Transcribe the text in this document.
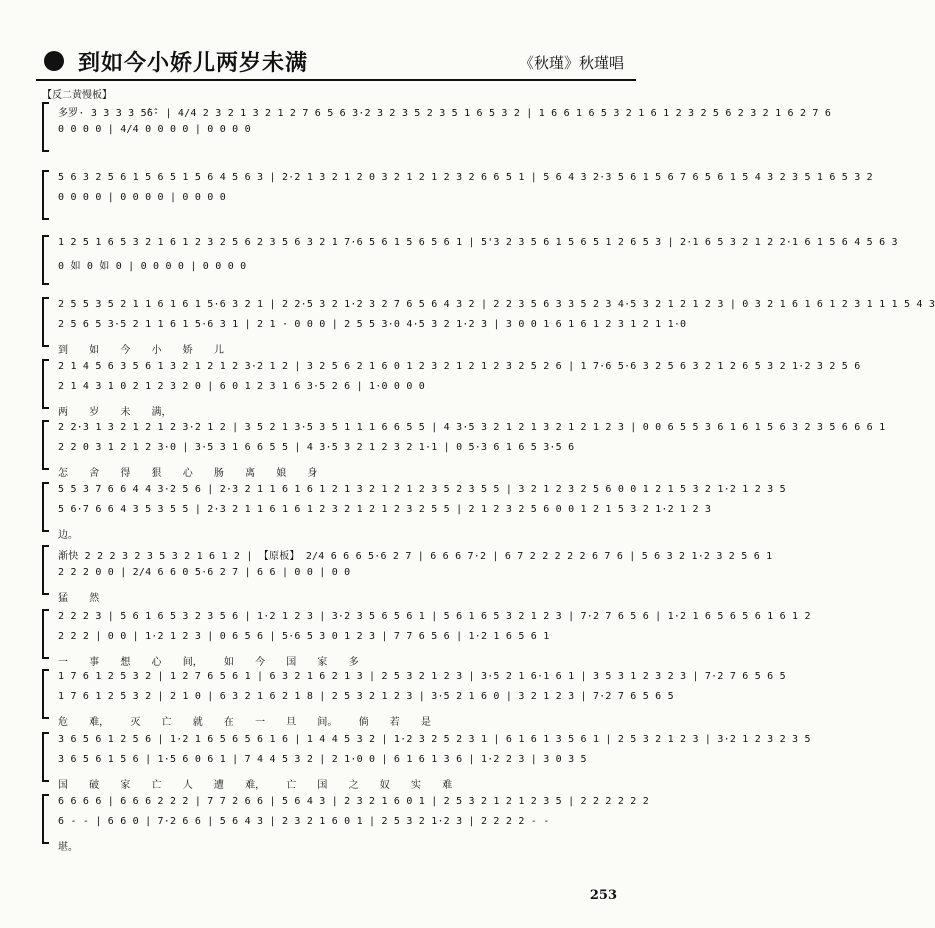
到如今小娇儿两岁未满	《秋瑾》秋瑾唱
【反二黄慢板】
多罗· 3 3 3 3 5̂6̂· | 4/4 2 3 2 1 3 2 1 2 7 6 5 6 3·2 3 2 3 5 2 3 5 1 6 5 3 2 | 1 6 6 1 6 5 3 2 1 6 1 2 3 2 5 6 2 3 2 1 6 2 7 6
0 0 0 0 | 4/4 0 0 0 0 | 0 0 0 0
5 6 3 2 5 6 1 5 6 5 1 5 6 4 5 6 3 | 2·2 1 3 2 1 2 0 3 2 1 2 1 2 3 2 6 6 5 1 | 5 6 4 3 2·3 5 6 1 5 6 7 6 5 6 1 5 4 3 2 3 5 1 6 5 3 2
0 0 0 0 | 0 0 0 0 | 0 0 0 0
1 2 5 1 6 5 3 2 1 6 1 2 3 2 5 6 2 3 5 6 3 2 1 7·6 5 6 1 5 6 5 6 1 | 5'3 2 3 5 6 1 5 6 5 1 2 6 5 3 | 2·1 6 5 3 2 1 2 2·1 6 1 5 6 4 5 6 3
0 如 0 如 0 | 0 0 0 0 | 0 0 0 0
2 5 5 3 5 2 1 1 6 1 6 1 5·6 3 2 1 | 2 2·5 3 2 1·2 3 2 7 6 5 6 4 3 2 | 2 2 3 5 6 3 3 5 2 3 4·5 3 2 1 2 1 2 3 | 0 3 2 1 6 1 6 1 2 3 1 1 1 5 4 3
2 5 6 5 3·5 2 1 1 6 1 5·6 3 1 | 2 1 · 0 0 0 | 2 5 5 3·0 4·5 3 2 1·2 3 | 3 0 0 1 6 1 6 1 2 3 1 2 1 1·0
到 如 今 小 娇 儿
2 1 4 5 6 3 5 6 1 3 2 1 2 1 2 3·2 1 2 | 3 2 5 6 2 1 6 0 1 2 3 2 1 2 1 2 3 2 5 2 6 | 1 7·6 5·6 3 2 5 6 3 2 1 2 6 5 3 2 1·2 3 2 5 6
2 1 4 3 1 0 2 1 2 3 2 0 | 6 0 1 2 3 1 6 3·5 2 6 | 1·0 0 0 0
两 岁 未 满，
2 2·3 1 3 2 1 2 1 2 3·2 1 2 | 3 5 2 1 3·5 3 5 1 1 1 6 6 5 5 | 4 3·5 3 2 1 2 1 3 2 1 2 1 2 3 | 0 0 6 5 5 3 6 1 6 1 5 6 3 2 3 5 6 6 6 1
2 2 0 3 1 2 1 2 3·0 | 3·5 3 1 6 6 5 5 | 4 3·5 3 2 1 2 3 2 1·1 | 0 5·3 6 1 6 5 3·5 6
怎 舍 得 狠 心 肠 离 娘 身
5 5 3 7 6 6 4 4 3·2 5 6 | 2·3 2 1 1 6 1 6 1 2 1 3 2 1 2 1 2 3 5 2 3 5 5 | 3 2 1 2 3 2 5 6 0 0 1 2 1 5 3 2 1·2 1 2 3 5
5 6·7 6 6 4 3 5 3 5 5 | 2·3 2 1 1 6 1 6 1 2 3 2 1 2 1 2 3 2 5 5 | 2 1 2 3 2 5 6 0 0 1 2 1 5 3 2 1·2 1 2 3
边。
渐快 2 2 2 3 2 3 5 3 2 1 6 1 2 | 【原板】 2/4 6 6 6 5·6 2 7 | 6 6 6 7·2 | 6 7 2 2 2 2 2 6 7 6 | 5 6 3 2 1·2 3 2 5 6 1
2 2 2 0 0 | 2/4 6 6 0 5·6 2 7 | 6 6 | 0 0 | 0 0
猛 然
2 2 2 3 | 5 6 1 6 5 3 2 3 5 6 | 1·2 1 2 3 | 3·2 3 5 6 5 6 1 | 5 6 1 6 5 3 2 1 2 3 | 7·2 7 6 5 6 | 1·2 1 6 5 6 5 6 1 6 1 2
2 2 2 | 0 0 | 1·2 1 2 3 | 0 6 5 6 | 5·6 5 3 0 1 2 3 | 7 7 6 5 6 | 1·2 1 6 5 6 1
一 事 想 心 间， 如 今 国 家 多
1 7 6 1 2 5 3 2 | 1 2 7 6 5 6 1 | 6 3 2 1 6 2 1 3 | 2 5 3 2 1 2 3 | 3·5 2 1 6·1 6 1 | 3 5 3 1 2 3 2 3 | 7·2 7 6 5 6 5
1 7 6 1 2 5 3 2 | 2 1 0 | 6 3 2 1 6 2 1 8 | 2 5 3 2 1 2 3 | 3·5 2 1 6 0 | 3 2 1 2 3 | 7·2 7 6 5 6 5
危 难， 灭 亡 就 在 一 旦 间。 倘 若 是
3 6 5 6 1 2 5 6 | 1·2 1 6 5 6 5 6 1 6 | 1 4 4 5 3 2 | 1·2 3 2 5 2 3 1 | 6 1 6 1 3 5 6 1 | 2 5 3 2 1 2 3 | 3·2 1 2 3 2 3 5
3 6 5 6 1 5 6 | 1·5 6 0 6 1 | 7 4 4 5 3 2 | 2 1·0 0 | 6 1 6 1 3 6 | 1·2 2 3 | 3 0 3 5
国 破 家 亡 人 遭 难， 亡 国 之 奴 实 难
6 6 6 6 | 6 6 6 2 2 2 | 7 7 2 6 6 | 5 6 4 3 | 2 3 2 1 6 0 1 | 2 5 3 2 1 2 1 2 3 5 | 2 2 2 2 2 2
6 - - | 6 6 0 | 7·2 6 6 | 5 6 4 3 | 2 3 2 1 6 0 1 | 2 5 3 2 1·2 3 | 2 2 2 2 - -
堪。
253
